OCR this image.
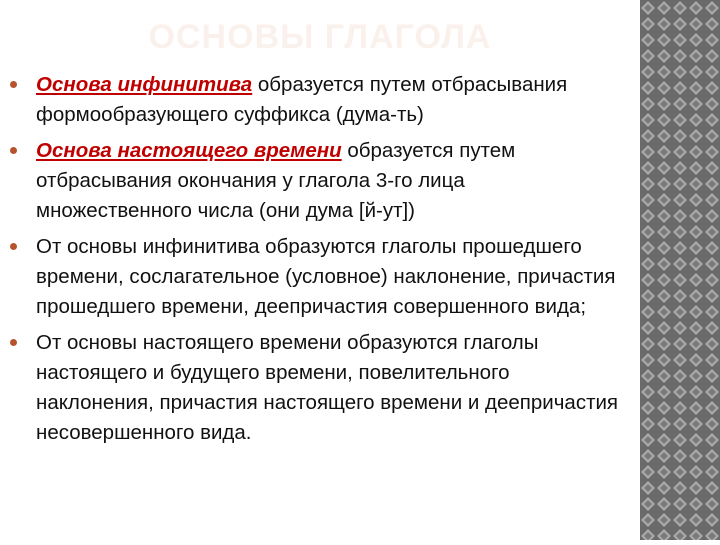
ОСНОВЫ ГЛАГОЛА
Основа инфинитива образуется путем отбрасывания формообразующего суффикса (дума-ть)
Основа настоящего времени образуется путем отбрасывания окончания у глагола 3-го лица множественного числа (они дума [й-ут])
От основы инфинитива образуются глаголы прошедшего времени, сослагательное (условное) наклонение, причастия прошедшего времени, деепричастия совершенного вида;
От основы настоящего времени образуются глаголы настоящего и будущего времени, повелительного наклонения, причастия настоящего времени и деепричастия несовершенного вида.
